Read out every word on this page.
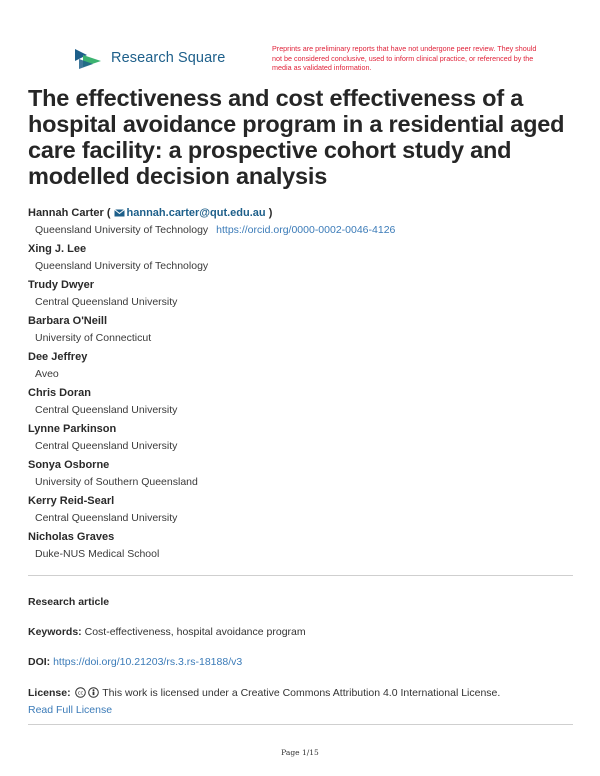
Research Square
Preprints are preliminary reports that have not undergone peer review. They should not be considered conclusive, used to inform clinical practice, or referenced by the media as validated information.
The effectiveness and cost effectiveness of a hospital avoidance program in a residential aged care facility: a prospective cohort study and modelled decision analysis
Hannah Carter ( hannah.carter@qut.edu.au )
Queensland University of Technology https://orcid.org/0000-0002-0046-4126
Xing J. Lee
Queensland University of Technology
Trudy Dwyer
Central Queensland University
Barbara O'Neill
University of Connecticut
Dee Jeffrey
Aveo
Chris Doran
Central Queensland University
Lynne Parkinson
Central Queensland University
Sonya Osborne
University of Southern Queensland
Kerry Reid-Searl
Central Queensland University
Nicholas Graves
Duke-NUS Medical School
Research article
Keywords: Cost-effectiveness, hospital avoidance program
DOI: https://doi.org/10.21203/rs.3.rs-18188/v3
License: cc This work is licensed under a Creative Commons Attribution 4.0 International License.
Read Full License
Page 1/15
